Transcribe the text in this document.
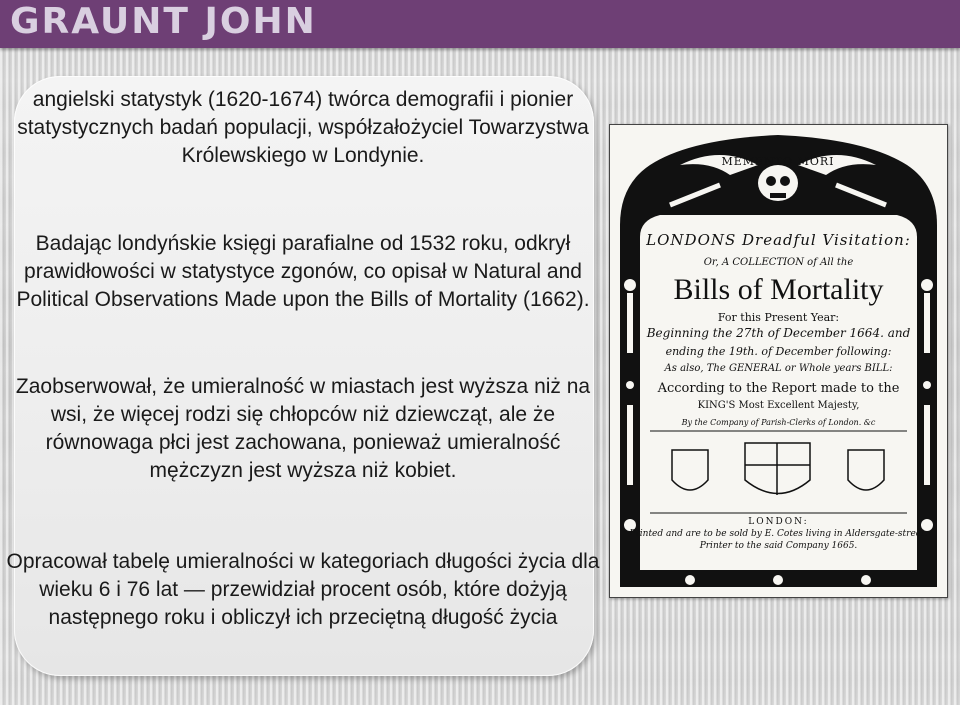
GRAUNT JOHN

angielski statystyk (1620-1674) twórca demografii i pionier statystycznych badań populacji, współzałożyciel Towarzystwa Królewskiego w Londynie.

Badając londyńskie księgi parafialne od 1532 roku, odkrył prawidłowości w statystyce zgonów, co opisał w Natural and Political Observations Made upon the Bills of Mortality (1662).

Zaobserwował, że umieralność w miastach jest wyższa niż na wsi, że więcej rodzi się chłopców niż dziewcząt, ale że równowaga płci jest zachowana, ponieważ umieralność mężczyzn jest wyższa niż kobiet.

Opracował tabelę umieralności w kategoriach długości życia dla wieku 6 i 76 lat — przewidział procent osób, które dożyją następnego roku i obliczył ich przeciętną długość życia

MEMENTO MORI
LONDONS Dreadful Visitation:
Or, A COLLECTION of All the
Bills of Mortality
For this Present Year:
Beginning the 27th of December 1664. and
ending the 19th. of December following:
As also, The GENERAL or Whole years BILL:
According to the Report made to the
KING'S Most Excellent Majesty,
By the Company of Parish-Clerks of London. &c
LONDON:
Printed and are to be sold by E. Cotes living in Aldersgate-street.
Printer to the said Company 1665.
